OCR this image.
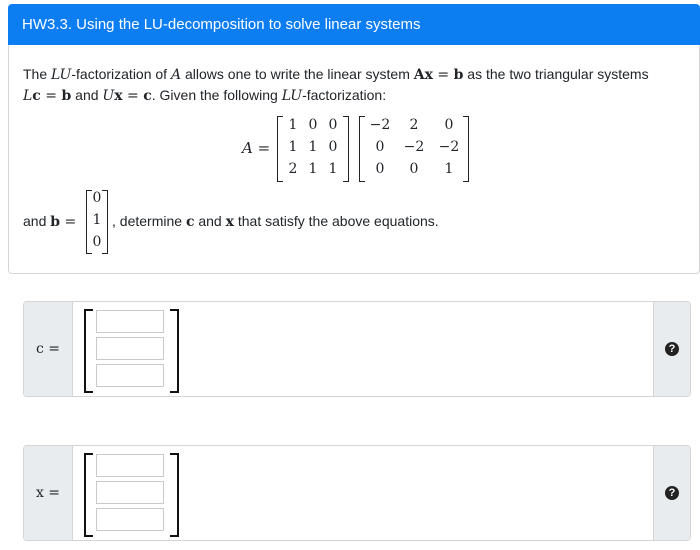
HW3.3. Using the LU-decomposition to solve linear systems
The LU-factorization of A allows one to write the linear system Ax = b as the two triangular systems
Lc = b and Ux = c. Given the following LU-factorization:
A =
1 0 0
1 1 0
2 1 1
−2	2	0
0	−2	−2
0	0	1
and b =
0
1
0
, determine c and x that satisfy the above equations.
c =	?
x =	?
